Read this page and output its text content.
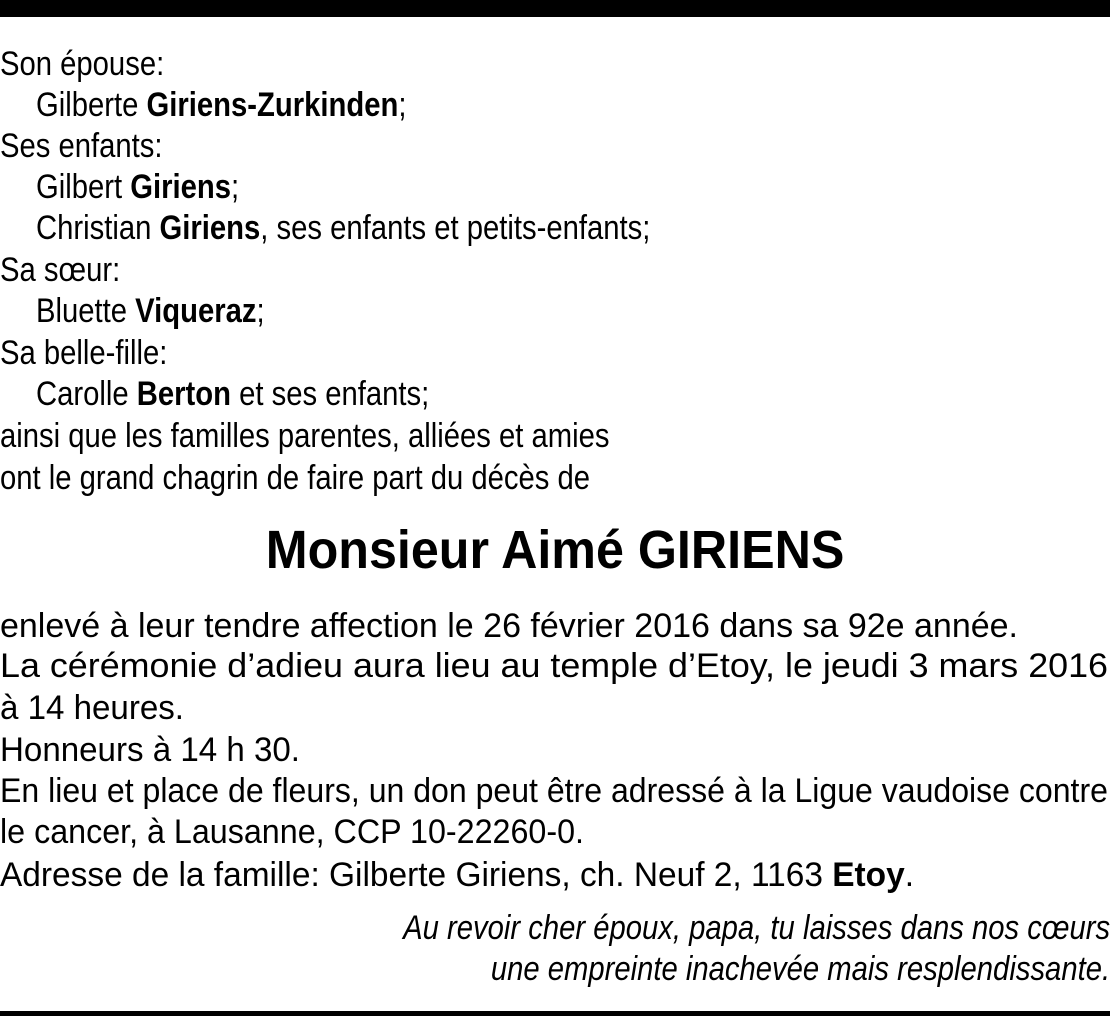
Son épouse:
Gilberte Giriens-Zurkinden;
Ses enfants:
Gilbert Giriens;
Christian Giriens, ses enfants et petits-enfants;
Sa sœur:
Bluette Viqueraz;
Sa belle-fille:
Carolle Berton et ses enfants;
ainsi que les familles parentes, alliées et amies
ont le grand chagrin de faire part du décès de
Monsieur Aimé GIRIENS
enlevé à leur tendre affection le 26 février 2016 dans sa 92e année.
La cérémonie d’adieu aura lieu au temple d’Etoy, le jeudi 3 mars 2016
à 14 heures.
Honneurs à 14 h 30.
En lieu et place de fleurs, un don peut être adressé à la Ligue vaudoise contre
le cancer, à Lausanne, CCP 10-22260-0.
Adresse de la famille: Gilberte Giriens, ch. Neuf 2, 1163 Etoy.
Au revoir cher époux, papa, tu laisses dans nos cœurs
une empreinte inachevée mais resplendissante.
